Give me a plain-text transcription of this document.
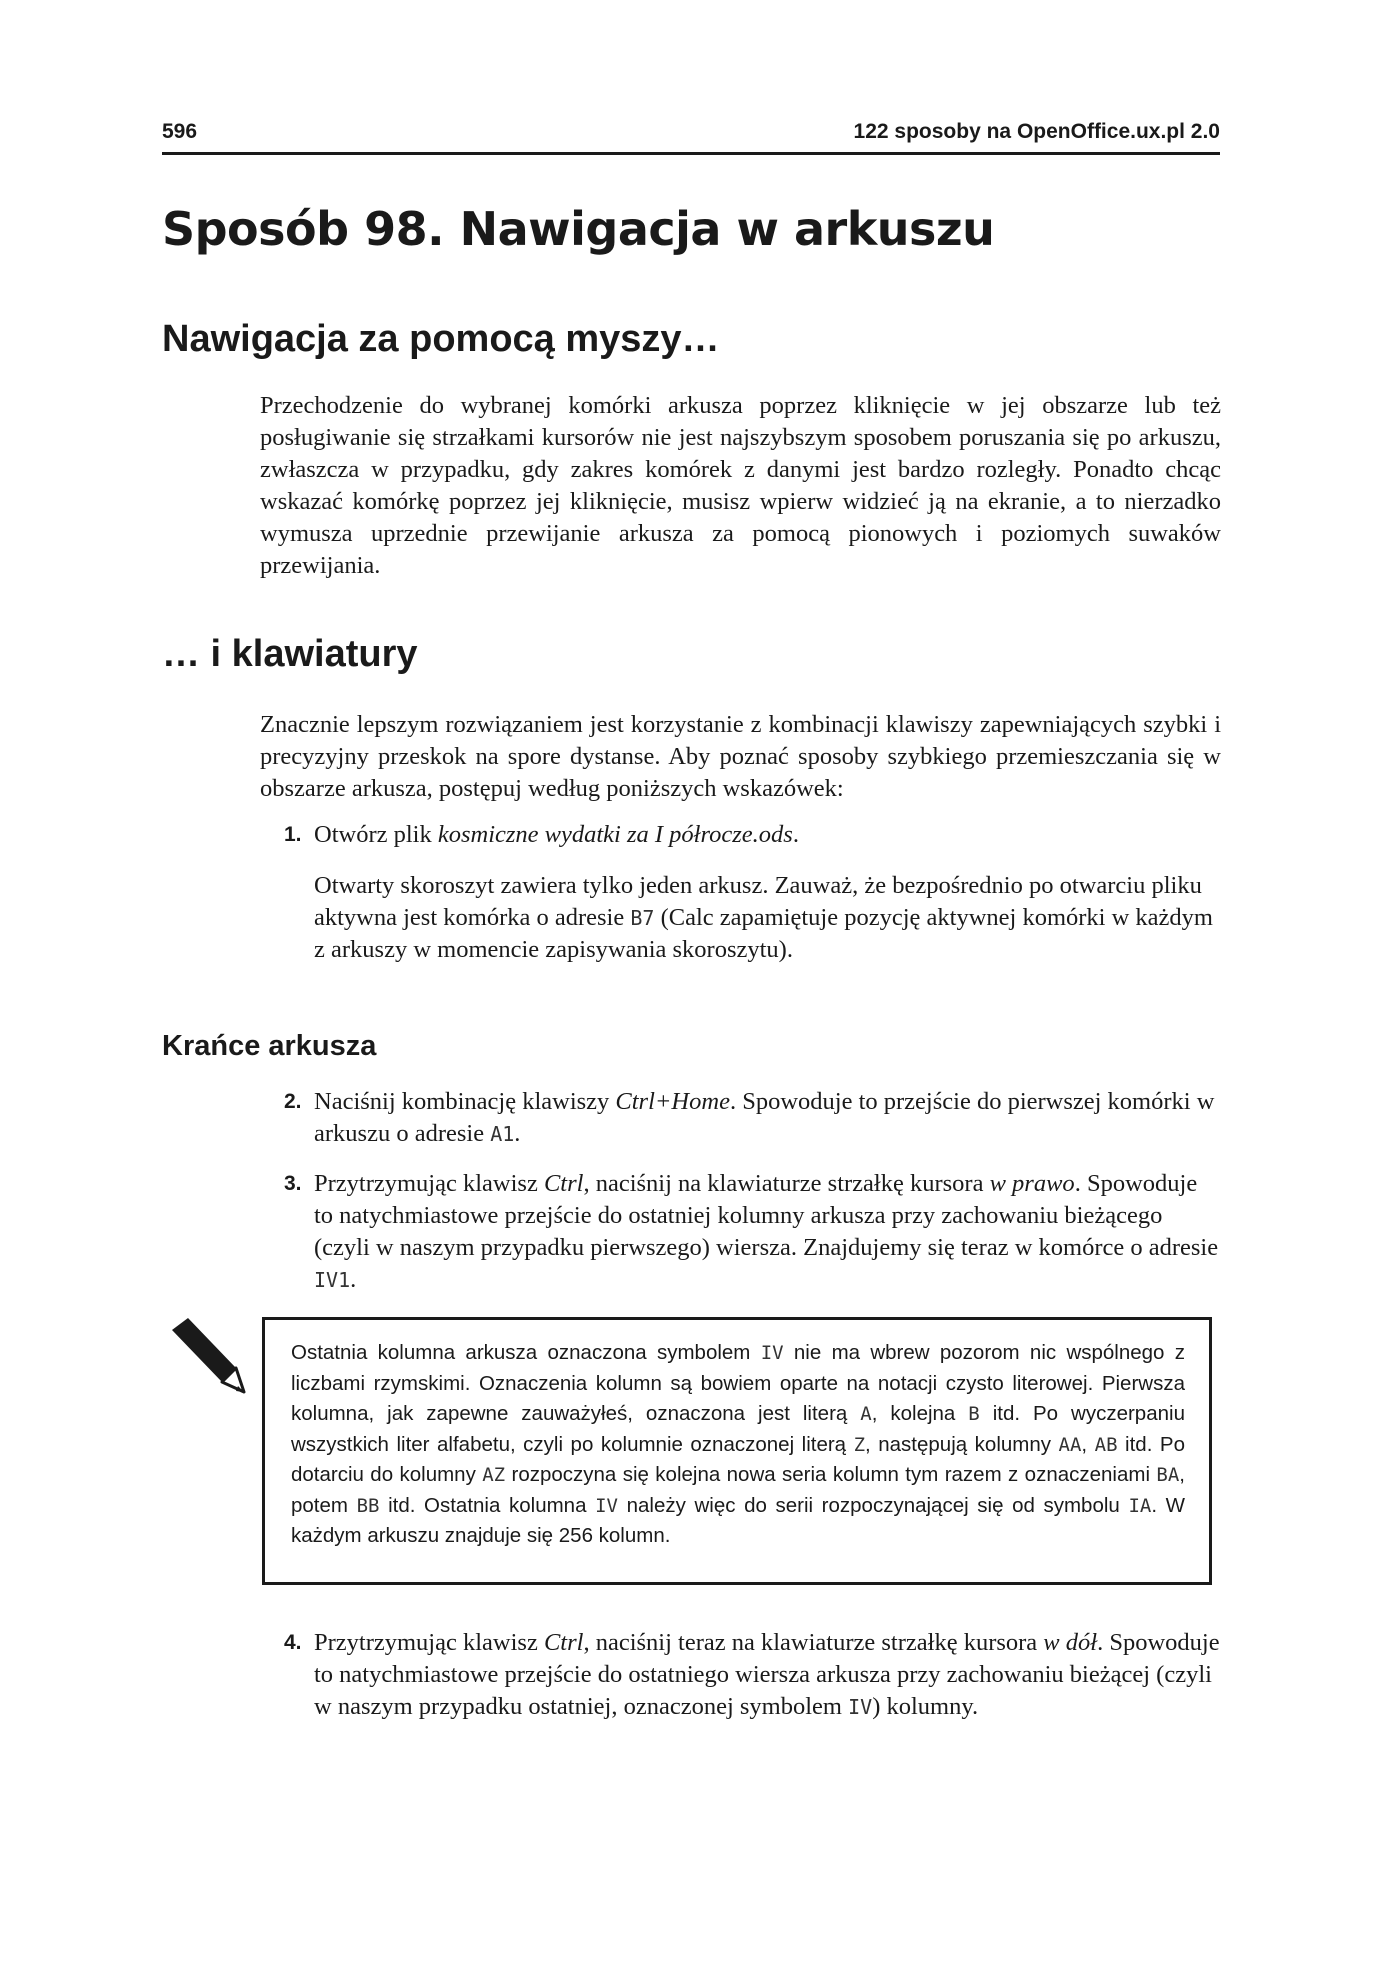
596	122 sposoby na OpenOffice.ux.pl 2.0
Sposób 98. Nawigacja w arkuszu
Nawigacja za pomocą myszy…

Przechodzenie do wybranej komórki arkusza poprzez kliknięcie w jej obszarze lub też posługiwanie się strzałkami kursorów nie jest najszybszym sposobem poruszania się po arkuszu, zwłaszcza w przypadku, gdy zakres komórek z danymi jest bardzo rozległy. Ponadto chcąc wskazać komórkę poprzez jej kliknięcie, musisz wpierw widzieć ją na ekranie, a to nierzadko wymusza uprzednie przewijanie arkusza za pomocą pionowych i poziomych suwaków przewijania.

… i klawiatury

Znacznie lepszym rozwiązaniem jest korzystanie z kombinacji klawiszy zapewniających szybki i precyzyjny przeskok na spore dystanse. Aby poznać sposoby szybkiego przemieszczania się w obszarze arkusza, postępuj według poniższych wskazówek:

1. Otwórz plik kosmiczne wydatki za I półrocze.ods.

Otwarty skoroszyt zawiera tylko jeden arkusz. Zauważ, że bezpośrednio po otwarciu pliku aktywna jest komórka o adresie B7 (Calc zapamiętuje pozycję aktywnej komórki w każdym z arkuszy w momencie zapisywania skoroszytu).

Krańce arkusza
2. Naciśnij kombinację klawiszy Ctrl+Home. Spowoduje to przejście do pierwszej komórki w arkuszu o adresie A1.
3. Przytrzymując klawisz Ctrl, naciśnij na klawiaturze strzałkę kursora w prawo. Spowoduje to natychmiastowe przejście do ostatniej kolumny arkusza przy zachowaniu bieżącego (czyli w naszym przypadku pierwszego) wiersza. Znajdujemy się teraz w komórce o adresie IV1.
Ostatnia kolumna arkusza oznaczona symbolem IV nie ma wbrew pozorom nic wspólnego z liczbami rzymskimi. Oznaczenia kolumn są bowiem oparte na notacji czysto literowej. Pierwsza kolumna, jak zapewne zauważyłeś, oznaczona jest literą A, kolejna B itd. Po wyczerpaniu wszystkich liter alfabetu, czyli po kolumnie oznaczonej literą Z, następują kolumny AA, AB itd. Po dotarciu do kolumny AZ rozpoczyna się kolejna nowa seria kolumn tym razem z oznaczeniami BA, potem BB itd. Ostatnia kolumna IV należy więc do serii rozpoczynającej się od symbolu IA. W każdym arkuszu znajduje się 256 kolumn.
4. Przytrzymując klawisz Ctrl, naciśnij teraz na klawiaturze strzałkę kursora w dół. Spowoduje to natychmiastowe przejście do ostatniego wiersza arkusza przy zachowaniu bieżącej (czyli w naszym przypadku ostatniej, oznaczonej symbolem IV) kolumny.
